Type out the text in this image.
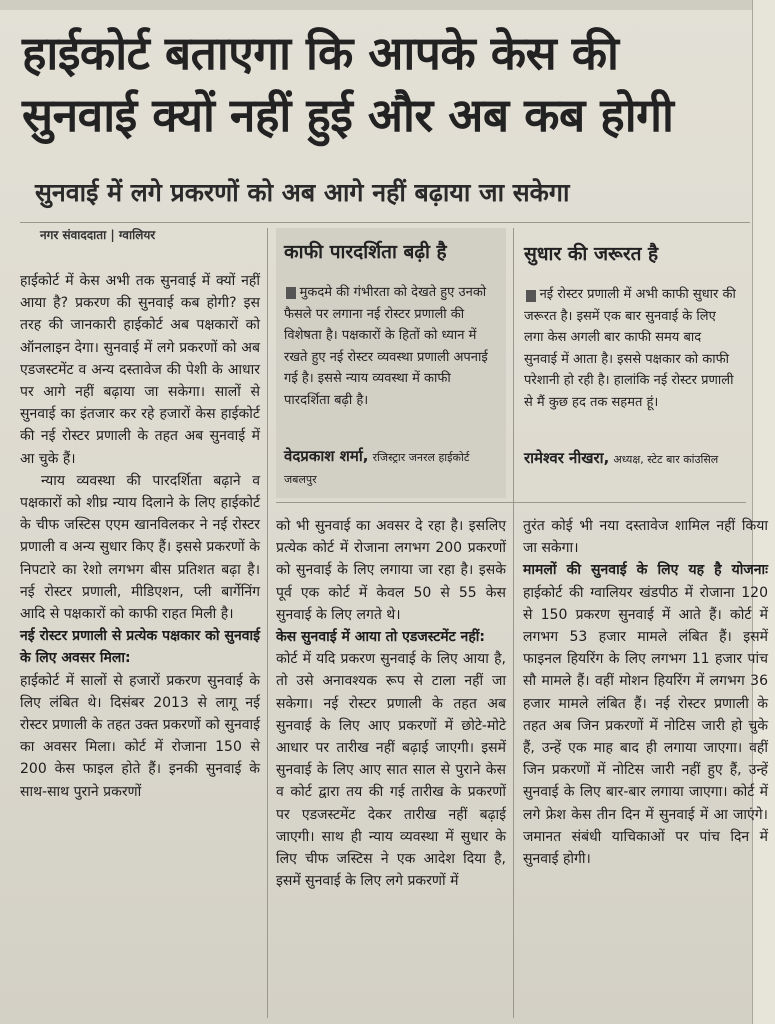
हाईकोर्ट बताएगा कि आपके केस की
सुनवाई क्यों नहीं हुई और अब कब होगी
सुनवाई में लगे प्रकरणों को अब आगे नहीं बढ़ाया जा सकेगा
नगर संवाददाता | ग्वालियर

हाईकोर्ट में केस अभी तक सुनवाई में क्यों नहीं आया है? प्रकरण की सुनवाई कब होगी? इस तरह की जानकारी हाईकोर्ट अब पक्षकारों को ऑनलाइन देगा। सुनवाई में लगे प्रकरणों को अब एडजस्टमेंट व अन्य दस्तावेज की पेशी के आधार पर आगे नहीं बढ़ाया जा सकेगा। सालों से सुनवाई का इंतजार कर रहे हजारों केस हाईकोर्ट की नई रोस्टर प्रणाली के तहत अब सुनवाई में आ चुके हैं।

न्याय व्यवस्था की पारदर्शिता बढ़ाने व पक्षकारों को शीघ्र न्याय दिलाने के लिए हाईकोर्ट के चीफ जस्टिस एएम खानविलकर ने नई रोस्टर प्रणाली व अन्य सुधार किए हैं। इससे प्रकरणों के निपटारे का रेशो लगभग बीस प्रतिशत बढ़ा है। नई रोस्टर प्रणाली, मीडिएशन, प्ली बार्गेनिंग आदि से पक्षकारों को काफी राहत मिली है।

नई रोस्टर प्रणाली से प्रत्येक पक्षकार को सुनवाई के लिए अवसर मिला:

हाईकोर्ट में सालों से हजारों प्रकरण सुनवाई के लिए लंबित थे। दिसंबर 2013 से लागू नई रोस्टर प्रणाली के तहत उक्त प्रकरणों को सुनवाई का अवसर मिला। कोर्ट में रोजाना 150 से 200 केस फाइल होते हैं। इनकी सुनवाई के साथ-साथ पुराने प्रकरणों

काफी पारदर्शिता बढ़ी है
मुकदमे की गंभीरता को देखते हुए उनको फैसले पर लगाना नई रोस्टर प्रणाली की विशेषता है। पक्षकारों के हितों को ध्यान में रखते हुए नई रोस्टर व्यवस्था प्रणाली अपनाई गई है। इससे न्याय व्यवस्था में काफी पारदर्शिता बढ़ी है।
वेदप्रकाश शर्मा, रजिस्ट्रार जनरल हाईकोर्ट जबलपुर
सुधार की जरूरत है
नई रोस्टर प्रणाली में अभी काफी सुधार की जरूरत है। इसमें एक बार सुनवाई के लिए लगा केस अगली बार काफी समय बाद सुनवाई में आता है। इससे पक्षकार को काफी परेशानी हो रही है। हालांकि नई रोस्टर प्रणाली से मैं कुछ हद तक सहमत हूं।
रामेश्वर नीखरा, अध्यक्ष, स्टेट बार कांउसिल

को भी सुनवाई का अवसर दे रहा है। इसलिए प्रत्येक कोर्ट में रोजाना लगभग 200 प्रकरणों को सुनवाई के लिए लगाया जा रहा है। इसके पूर्व एक कोर्ट में केवल 50 से 55 केस सुनवाई के लिए लगते थे।

केस सुनवाई में आया तो एडजस्टमेंट नहीं:

कोर्ट में यदि प्रकरण सुनवाई के लिए आया है, तो उसे अनावश्यक रूप से टाला नहीं जा सकेगा। नई रोस्टर प्रणाली के तहत अब सुनवाई के लिए आए प्रकरणों में छोटे-मोटे आधार पर तारीख नहीं बढ़ाई जाएगी। इसमें सुनवाई के लिए आए सात साल से पुराने केस व कोर्ट द्वारा तय की गई तारीख के प्रकरणों पर एडजस्टमेंट देकर तारीख नहीं बढ़ाई जाएगी। साथ ही न्याय व्यवस्था में सुधार के लिए चीफ जस्टिस ने एक आदेश दिया है, इसमें सुनवाई के लिए लगे प्रकरणों में

तुरंत कोई भी नया दस्तावेज शामिल नहीं किया जा सकेगा।

मामलों की सुनवाई के लिए यह है योजनाः

हाईकोर्ट की ग्वालियर खंडपीठ में रोजाना 120 से 150 प्रकरण सुनवाई में आते हैं। कोर्ट में लगभग 53 हजार मामले लंबित हैं। इसमें फाइनल हियरिंग के लिए लगभग 11 हजार पांच सौ मामले हैं। वहीं मोशन हियरिंग में लगभग 36 हजार मामले लंबित हैं। नई रोस्टर प्रणाली के तहत अब जिन प्रकरणों में नोटिस जारी हो चुके हैं, उन्हें एक माह बाद ही लगाया जाएगा। वहीं जिन प्रकरणों में नोटिस जारी नहीं हुए हैं, उन्हें सुनवाई के लिए बार-बार लगाया जाएगा। कोर्ट में लगे फ्रेश केस तीन दिन में सुनवाई में आ जाएंगे। जमानत संबंधी याचिकाओं पर पांच दिन में सुनवाई होगी।
